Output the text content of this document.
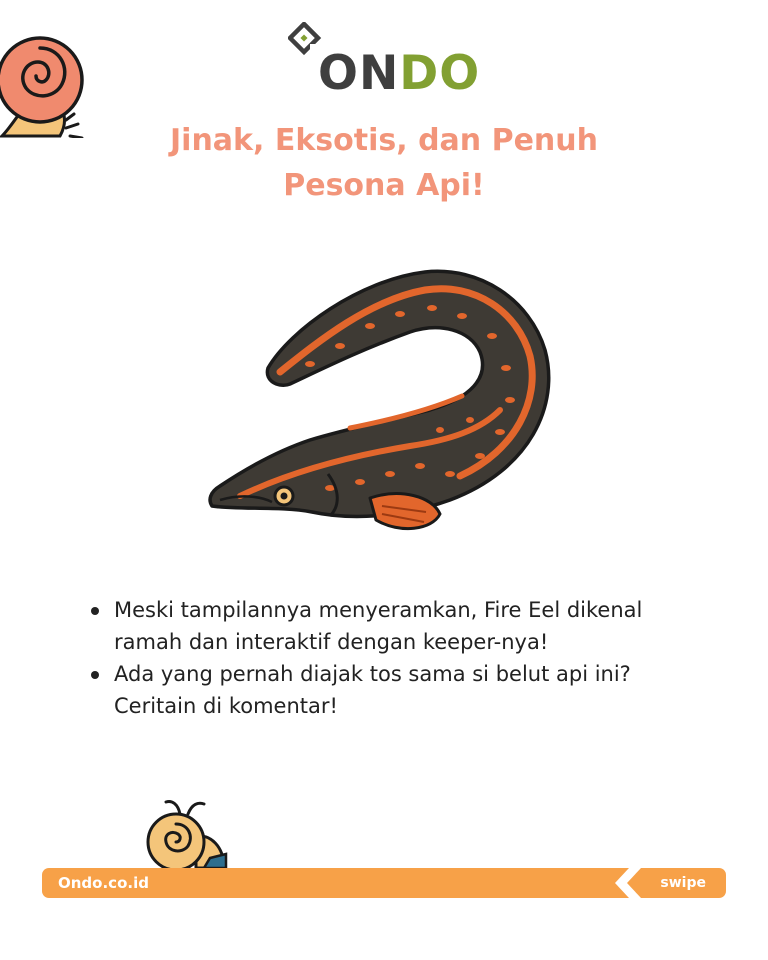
ONDO
Jinak, Eksotis, dan Penuh
Pesona Api!
Meski tampilannya menyeramkan, Fire Eel dikenal ramah dan interaktif dengan keeper-nya!
Ada yang pernah diajak tos sama si belut api ini? Ceritain di komentar!
Ondo.co.id	swipe
